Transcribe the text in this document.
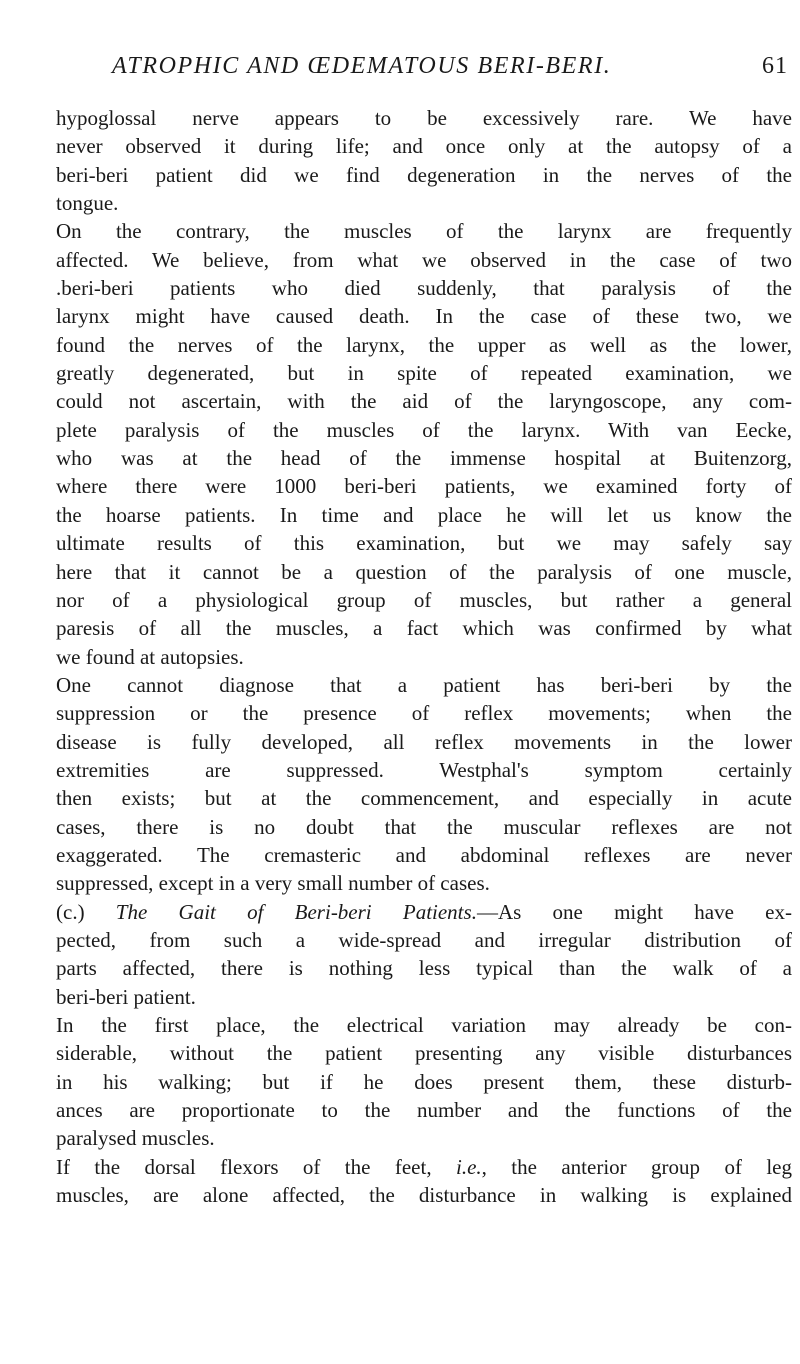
ATROPHIC AND ŒDEMATOUS BERI-BERI.	61
hypoglossal nerve appears to be excessively rare. We have
never observed it during life; and once only at the autopsy of a
beri-beri patient did we find degeneration in the nerves of the
tongue.
On the contrary, the muscles of the larynx are frequently
affected. We believe, from what we observed in the case of two
.beri-beri patients who died suddenly, that paralysis of the
larynx might have caused death. In the case of these two, we
found the nerves of the larynx, the upper as well as the lower,
greatly degenerated, but in spite of repeated examination, we
could not ascertain, with the aid of the laryngoscope, any com-
plete paralysis of the muscles of the larynx. With van Eecke,
who was at the head of the immense hospital at Buitenzorg,
where there were 1000 beri-beri patients, we examined forty of
the hoarse patients. In time and place he will let us know the
ultimate results of this examination, but we may safely say
here that it cannot be a question of the paralysis of one muscle,
nor of a physiological group of muscles, but rather a general
paresis of all the muscles, a fact which was confirmed by what
we found at autopsies.
One cannot diagnose that a patient has beri-beri by the
suppression or the presence of reflex movements; when the
disease is fully developed, all reflex movements in the lower
extremities are suppressed. Westphal's symptom certainly
then exists; but at the commencement, and especially in acute
cases, there is no doubt that the muscular reflexes are not
exaggerated. The cremasteric and abdominal reflexes are never
suppressed, except in a very small number of cases.
(c.) The Gait of Beri-beri Patients.—As one might have ex-
pected, from such a wide-spread and irregular distribution of
parts affected, there is nothing less typical than the walk of a
beri-beri patient.
In the first place, the electrical variation may already be con-
siderable, without the patient presenting any visible disturbances
in his walking; but if he does present them, these disturb-
ances are proportionate to the number and the functions of the
paralysed muscles.
If the dorsal flexors of the feet, i.e., the anterior group of leg
muscles, are alone affected, the disturbance in walking is explained
